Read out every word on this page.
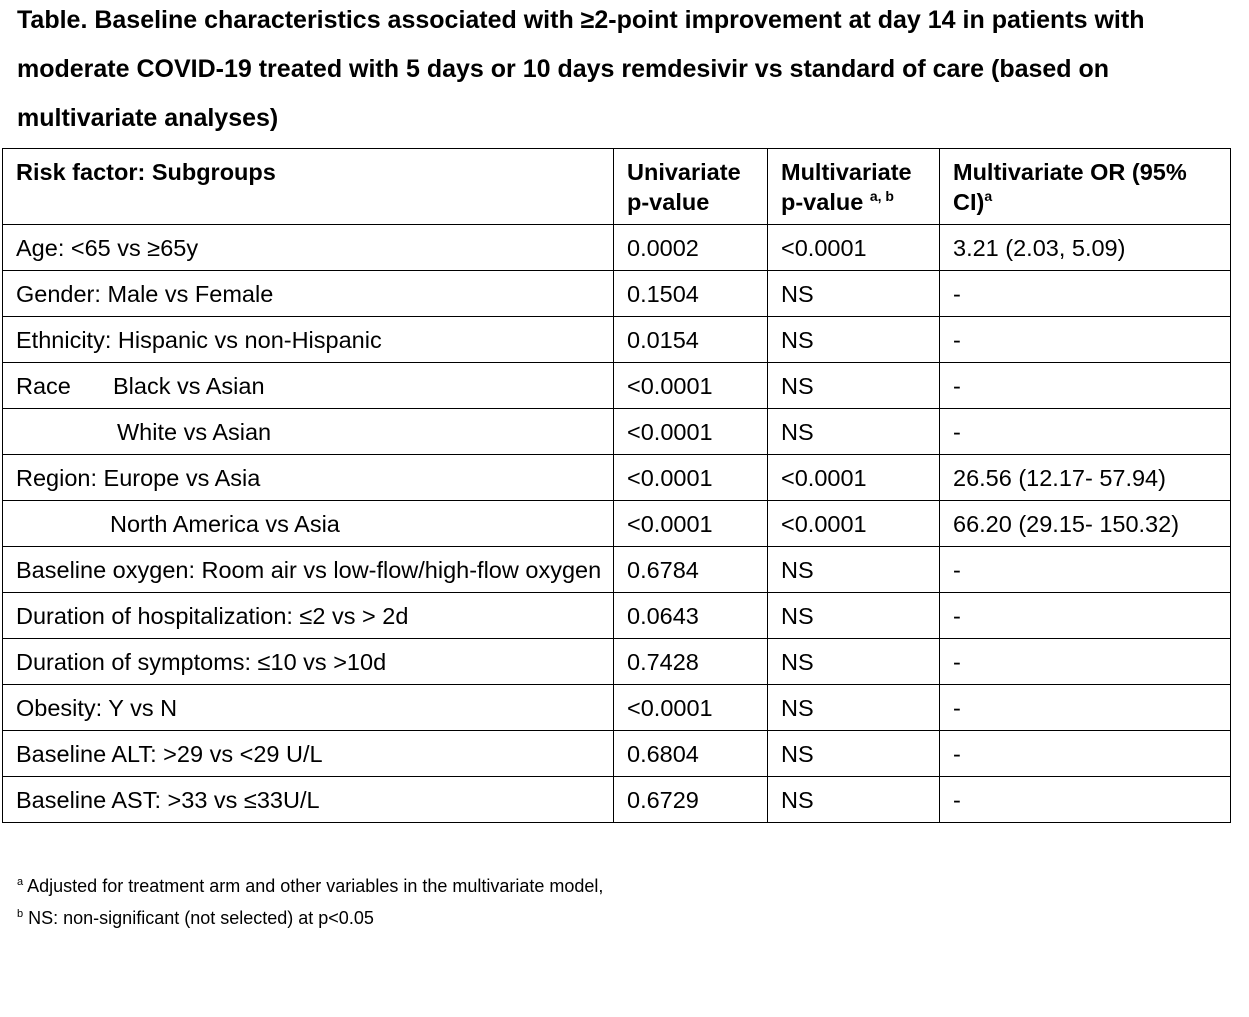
Table. Baseline characteristics associated with ≥2-point improvement at day 14 in patients with moderate COVID-19 treated with 5 days or 10 days remdesivir vs standard of care (based on multivariate analyses)

Risk factor: Subgroups	Univariate p-value	Multivariate p-value $^{a, b}$	Multivariate OR (95% CI)$^a$
Age: <65 vs ≥65y	0.0002	<0.0001	3.21 (2.03, 5.09)
Gender: Male vs Female	0.1504	NS	-
Ethnicity: Hispanic vs non-Hispanic	0.0154	NS	-
Race Black vs Asian	<0.0001	NS	-
White vs Asian	<0.0001	NS	-
Region: Europe vs Asia	<0.0001	<0.0001	26.56 (12.17- 57.94)
North America vs Asia	<0.0001	<0.0001	66.20 (29.15- 150.32)
Baseline oxygen: Room air vs low-flow/high-flow oxygen	0.6784	NS	-
Duration of hospitalization: ≤2 vs > 2d	0.0643	NS	-
Duration of symptoms: ≤10 vs >10d	0.7428	NS	-
Obesity: Y vs N	<0.0001	NS	-
Baseline ALT: >29 vs <29 U/L	0.6804	NS	-
Baseline AST: >33 vs ≤33U/L	0.6729	NS	-
$^a$ Adjusted for treatment arm and other variables in the multivariate model,
$^b$ NS: non-significant (not selected) at p<0.05
